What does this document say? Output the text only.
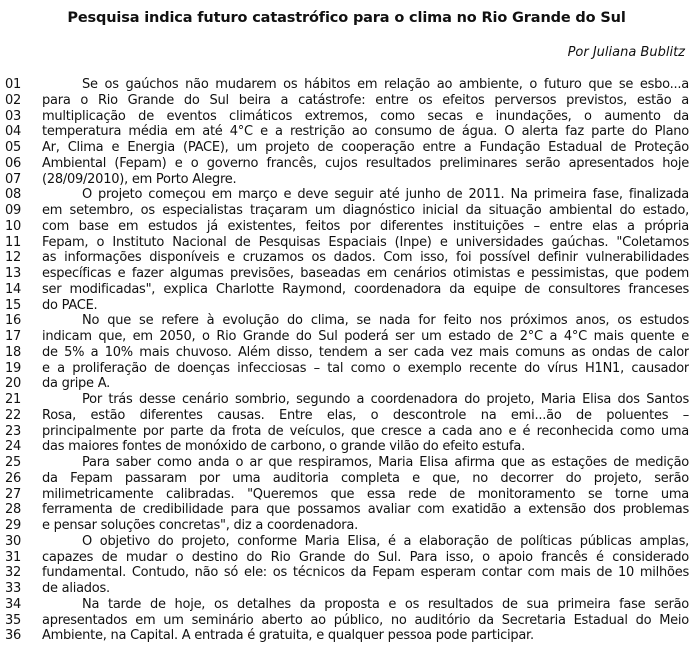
Pesquisa indica futuro catastrófico para o clima no Rio Grande do Sul

Por Juliana Bublitz

01	Se os gaúchos não mudarem os hábitos em relação ao ambiente, o futuro que se esbo...a
02	para o Rio Grande do Sul beira a catástrofe: entre os efeitos perversos previstos, estão a
03	multiplicação de eventos climáticos extremos, como secas e inundações, o aumento da
04	temperatura média em até 4°C e a restrição ao consumo de água. O alerta faz parte do Plano
05	Ar, Clima e Energia (PACE), um projeto de cooperação entre a Fundação Estadual de Proteção
06	Ambiental (Fepam) e o governo francês, cujos resultados preliminares serão apresentados hoje
07	(28/09/2010), em Porto Alegre.
08	O projeto começou em março e deve seguir até junho de 2011. Na primeira fase, finalizada
09	em setembro, os especialistas traçaram um diagnóstico inicial da situação ambiental do estado,
10	com base em estudos já existentes, feitos por diferentes instituições – entre elas a própria
11	Fepam, o Instituto Nacional de Pesquisas Espaciais (Inpe) e universidades gaúchas. "Coletamos
12	as informações disponíveis e cruzamos os dados. Com isso, foi possível definir vulnerabilidades
13	específicas e fazer algumas previsões, baseadas em cenários otimistas e pessimistas, que podem
14	ser modificadas", explica Charlotte Raymond, coordenadora da equipe de consultores franceses
15	do PACE.
16	No que se refere à evolução do clima, se nada for feito nos próximos anos, os estudos
17	indicam que, em 2050, o Rio Grande do Sul poderá ser um estado de 2°C a 4°C mais quente e
18	de 5% a 10% mais chuvoso. Além disso, tendem a ser cada vez mais comuns as ondas de calor
19	e a proliferação de doenças infecciosas – tal como o exemplo recente do vírus H1N1, causador
20	da gripe A.
21	Por trás desse cenário sombrio, segundo a coordenadora do projeto, Maria Elisa dos Santos
22	Rosa, estão diferentes causas. Entre elas, o descontrole na emi...ão de poluentes –
23	principalmente por parte da frota de veículos, que cresce a cada ano e é reconhecida como uma
24	das maiores fontes de monóxido de carbono, o grande vilão do efeito estufa.
25	Para saber como anda o ar que respiramos, Maria Elisa afirma que as estações de medição
26	da Fepam passaram por uma auditoria completa e que, no decorrer do projeto, serão
27	milimetricamente calibradas. "Queremos que essa rede de monitoramento se torne uma
28	ferramenta de credibilidade para que possamos avaliar com exatidão a extensão dos problemas
29	e pensar soluções concretas", diz a coordenadora.
30	O objetivo do projeto, conforme Maria Elisa, é a elaboração de políticas públicas amplas,
31	capazes de mudar o destino do Rio Grande do Sul. Para isso, o apoio francês é considerado
32	fundamental. Contudo, não só ele: os técnicos da Fepam esperam contar com mais de 10 milhões
33	de aliados.
34	Na tarde de hoje, os detalhes da proposta e os resultados de sua primeira fase serão
35	apresentados em um seminário aberto ao público, no auditório da Secretaria Estadual do Meio
36	Ambiente, na Capital. A entrada é gratuita, e qualquer pessoa pode participar.
